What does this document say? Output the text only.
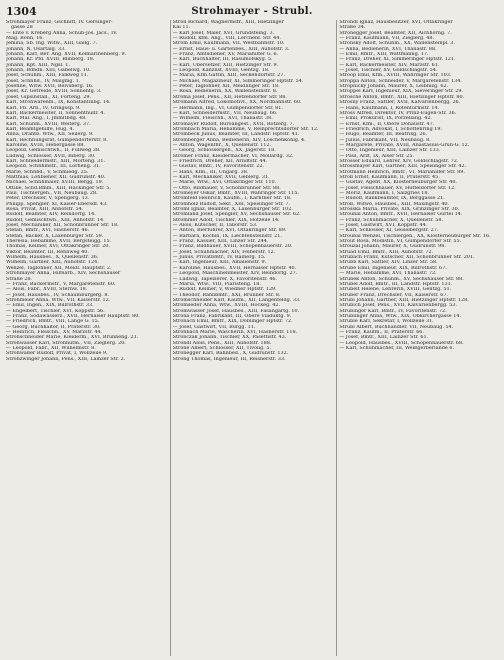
1304	Strohmayer - Strubl.
Strohmayer Franz, Gschnitt, IV. Gersinger-
gasse 28
— Ente v. Kreberg Anna, Schuh-Jos. Jacs., IV.
Mag. Bonn, 16.
Jemina, Sb. Ing. Witw., XIII, Gallg. 7.
Johann, N. Osartalg. 33.
Johann, Karl, Ber. Ang. XVII, Kolmarinenberg. 9.
Johann, Kr. Pfd. XVIII, Blinberg. 18.
Johann, Kpt. XIII, Ngsl. 1.
Johann, Bdndn. XIII, Gabelwg. 10.
Josef, Schuhm., XIII, Falkweg 11.
Josef, Schnhd., IV, Maigmg. 1.
Josefine, Witw. XVII, Belvsberg. 16.
Josef, Kr. Getreide, XVIII, Sonnenfg. 3.
Josef, Gipsinstall., XI, Forteng. 29.
Karl, Strohwarenm., IX, Konstantinbg. 14.
Karl, Fb. Arb., IV, Gringssp. 9.
Karl, Bäckermeister, II, Sonnenthüllr. 4.
Karl, Mal. Ang., I, Jmmltbdg. 48.
Karl, Schuhm., XVIII, Weiterg. 37.
Karl, Beamtgehilfe, Hug. 4.
Anna, Drahtb. Wtw., XII, Seilerg. 9.
Karl, Rechnungsrat, Gumpendorferstr. 8.
Karoline, XVIII, Hebergasse 88.
Leopold, Gemischtwh., II, Fullweg 38.
Ludwig, Schlosser, XVII, Biberg. 30.
Karl, Schneidermstr., XIII, Mörteng. 31.
Leopold, Schnhmstr., III, Lorheng. 31.
Marie, Schnbd., V, Schmiedg. 25.
Matthias, Lohbiener, XII, Gudrunstr. 40.
Michael, Schnhmaier, XVIII, Bergg. 19.
Ottilie, Schd.Bmm., XIII, Hackinger Str. 5.
Paul, Tischlergeh., VII, Neubaug. 28.
Peter, Drechsler, V, Spengerg. 13.
Philipp, Spengler, XI, Kaiser-Ebersdf. 43.
Rosa, Privat, XIII, Anhofstr. 54.
Rudolf, Beamter, XIV, Reindorfg. 14.
Rudolf, Gemischtwh., XIII, Anhofstr. 14.
Josef, Mechaniker, XII, Schönbrunner Str. 18.
Stefan, Bmtr., XVI, Hasnerstr. 46.
Stefan, Bäcker, X, Laxenburger Str. 59.
Theresia, Hebamme, XVII, Bergsteigg. 15.
Thomas, Kellner, XVI, Ottakringer Str. 20.
Viktor, Beamter, III, Rennweg 40.
Wilhelm, Hausbes., X, Quellenstr. 36.
Wilhelm, Gärtner, XIII, Auhofstr. 124.
Wenzel, Taglöhner, XII, Meidl. Hauptstr. 2.
Strohmayer Anna, Hilfsarb., XIV, Sechshauser
Straße 28.
— Franz, Bäckermstr., V, Margaretenstr. 60.
— Alois, Fabr., XVIII, Sternw. 18.
— Josef, Hausbes., IV, Schaumburgerg. 8.
Strohmeier Anna, Wtw., VII, Kaiserstr. 12.
— Emil, Ingen., XIX, Billrothstr. 33.
— Engelbert, Tischler, XVI, Koppstr. 56.
— Franz, Sodawasserz., XVII, Hernalser Hauptstr. 80.
— Friedrich, Bmtr., VIII, Lange G. 15.
— Georg, Buchhalter, II, Praterstr. 30.
— Heinrich, Fleischh., XV, Märzstr. 44.
Strohschneider Marie, Kleiderm., XVI, Brunneng. 21.
Strohwasser Karl, Strohhutm., VII, Zieglerg. 20.
— Leopold, Fabr., XII, Wilhelmstr. 8.
Strohwaßer Rudolf, Privat, I, Wollzeile 9.
Strohzwinger Johann, Pens., XIII, Lainzer Str. 2.
Stroll Richard, Wagnermstr., XIII, Hietzinger
Kai 11.
— Karl Josef, Maler, XVI, Grundsteing. 3.
— Rudolf, kfm. Ang., VIII, Lerchenf. Str. 44.
Strom Emil, Kaufmann, VII, Westbahnstr. 10.
— Ernst, Haus- u. Gartenbes., XIII, Auhofstr. 3.
— Franz, Amtsdiener, XV, Mariahilfer G. 6.
— Karl, Buchhalter, III, Rasumofskyg. 5.
— Karl, Übersetzer, XIII, Hietzinger Str. 9.
— Leopold, Kanzlist, XVIII, Gentzg. 18.
— Maria, Kfm.Gattin, XIII, Seckendorfstr. 27.
— Michael, Magazineur, XI, Simmeringer Hptstr. 54.
— Peter, Taglöhner, XII, Meidlinger Str. 18.
— Rosa, Bedienerin, XX, Wallensteinstr. 8.
Stroma Josef, Pens., XII, Hetzendorfer Str. 88.
Stromann Alfred, Lokomotivf., XX, Nordbahnstr. 60.
— Hermann, Ing., VI, Gumpendorfer Str. 81.
— Karl, Schneidermstr., VII, Neubaug. 66.
— Wilhelm, Fleischh., XVI, Thaliastr. 38.
Stromayer Rudolf, Büroangest., XVII, Rötzerg. 7.
Strombach Maria, Hebamme, V, Reinprechtsdorfer Str. 12.
Strombeck Julius, Beamter, III, Landstr. Hptstr. 41.
Stromberger Anna, Bedienerin, XIV, Löschenkohlg. 4.
— Anton, Wagenfhr., X, Quellenstr. 112.
— Georg, Schlossergeh., XX, Jägerstr. 18.
Stromer Franz, Kleidermacher, VI, Mollardg. 32.
— Friedrich, Dreher, XII, Arndtstr. 44.
— Gustav, Bmtr., IV, Favoritenstr. 22.
— Hans, Kfm., III, Ungarg. 38.
— Karl, Mechaniker, XVII, Geblerg. 31.
— Marie, Wtw., XVI, Ottakringer Str. 110.
— Otto, Bildhauer, V, Schönbrunner Str. 88.
Stromeyer Oskar, Bmtr., XVIII, Währinger Str. 115.
Stromfeld Heinrich, Kaufm., I, Kärntner Str. 18.
Stromholz Rudolf, Sekr., XIII, Speisinger Str. 7.
Stroml Ignaz, Beamter, X, Laxenburger Str. 102.
Stromland Josef, Spengler, XV, Sechshauser Str. 62.
Strommer Adolf, Tischler, XIX, Hofzeile 14.
— Alois, Kutscher, II, Taborstr. 53.
— Anton, Bierführer, XVI, Ottakringer Str. 89.
— Barbara, Köchin, IX, Liechtensteinstr. 21.
— Franz, Kassier, XIII, Linzer Str. 244.
— Franz, Bildhauer, XVIII, Schopenhauerstr. 20.
— Josef, Schuhmacher, XIV, Felberstr. 12.
— Julius, Privatbmtr., IV, Rainerg. 15.
— Karl, Ingenieur, XIII, Amalienstr. 9.
— Karoline, Hausbes., XVII, Hernalser Hptstr. 40.
— Leopold, Maschinenmeister, XIV, Reindorfg. 27.
— Ludwig, Tapezierer, X, Favoritenstr. 46.
— Maria, Wtw., VIII, Piaristeng. 18.
— Rudolf, Kellner, V, Wiedner Hptstr. 129.
— Theodor, Bahnbmtr., XXI, Brünner Str. 8.
Stromschneider Karl, Kaufm., XII, Längenfeldg. 33.
Stromseder Anna, Wtw., XVIII, Hockeg. 42.
Stromwasser Josef, Hausbes., XIII, Fasangartg. 10.
Strona Franz, Fabrikant, III, Obere Viaduktg. 9.
Stronach Emil, Bmtr., XIX, Döblinger Hptstr. 72.
— Josef, Gastwirt, VII, Burgg. 11.
Stronbach Marie, Wäscherin, XVI, Hasnerstr. 118.
Stronczak Johann, Tischler, XX, Pasettistr. 43.
Strondl Alois, Pens., XIII, Auhofstr. 188.
Strone Albert, Schlosser, XII, Tivolig. 5.
Stronegger Karl, Bahnbed., X, Gudrunstr. 132.
Strong Thomas, Ingenieur, III, Reisnerstr. 33.
Strondl Ignaz, Hausbesitzer, XVI, Ottakringer
Straße 34.
Stronegger Josef, Beamter, XII, Aichhorng. 7.
— Franz, Kaufmann, VII, Zieglerg. 48.
Stronsky Adolf, Schuhm., XX, Wallensteinpl. 3.
— Anna, Bedienerin, XVI, Thaliastr. 88.
— Emil, Bmtr., XIII, Wattmanng. 17.
— Franz, Dreher, XI, Simmeringer Hptstr. 121.
— Karl, Bäckermeister, XIV, Märzstr. 61.
— Josef, Tischler, XV, Goldschlagstr. 54.
Stroop Emil, Kfm., XVIII, Währinger Str. 103.
Stroppa Anton, Schneider, V, Margaretenstr. 134.
Stropnický Johann, Maurer, X, Leibnizg. 62.
Stroppel Karl, Ingenieur, XIX, Sieveringer Str. 29.
Strosche Anton, Bmtr., XIII, Hietzinger Hptstr. 80.
Strosny Franz, Sattler, XVII, Kalvarienbergg. 26.
— Hans, Kaufmann, I, Rotenturmstr. 14.
Stross Alfred, Direktor, IV, Prinz-Eugen-Str. 36.
— Emil, Prokurist, IX, Porzellang. 42.
— Ernst, Kfm., II, Obere Donaustr. 47.
— Friedrich, Advokat, I, Schottenring 19.
— Hugo, Beamter, III, Beatrixg. 26.
— Julius, Fabrikant, VII, Neubaug. 8.
— Margarete, Private, XVIII, Anastasius-Grün-G. 12.
— Otto, Ingenieur, XIII, Lainzer Str. 133.
— Paul, Arzt, IX, Alser Str. 25.
Strosser Eduard, Lehrer, XIV, Goldschlagstr. 72.
Strossmayer Karl, Gärtner, XIII, Speisinger Str. 42.
Strotmann Heinrich, Bmtr., VI, Mariahilfer Str. 89.
Stroß Ernst, Kaufmann, II, Praterstr. 45.
— Gustav, Agent, XX, Klosterneuburger Str. 40.
— Josef, Fleischhauer, XV, Hütteldorfer Str. 12.
— Moriz, Kaufmann, I, Salzgries 18.
— Rudolf, Bankbeamter, IX, Berggasse 21.
Stroß, Witwe, Hausbes., XIII, Maxingstr. 40.
Strosska Maria, Private, XIX, Grinzinger Str. 30.
Strouhal Anton, Bmtr., XVII, Hernalser Gürtel 14.
— Franz, Schuhmacher, X, Quellenstr. 58.
— Josef, Gastwirt, XVI, Koppstr. 44.
— Karl, Schlosser, XI, Geiselbergstr. 27.
Stroubal Wenzel, Tischlergeh., XX, Klosterneuburger Str. 16.
Strout Rosa, Modistin, VI, Gumpendorfer Str. 55.
Stroužal Johann, Maurer, X, Gudrunstr. 98.
Struad Emil, Bmtr., XIII, Auhofstr. 72.
Strubach Franz, Kutscher, XII, Schönbrunner Str. 201.
Strubb Karl, Sattler, XIV, Linzer Str. 58.
Strube Emil, Ingenieur, XIX, Billrothstr. 67.
— Marie, Hebamme, XVI, Thaliastr. 72.
Strubek Anton, Schuhm., XV, Sechshauser Str. 88.
Strubel Adolf, Bmtr., III, Landstr. Hptstr. 131.
Strubelt Helene, Lehrerin, XVIII, Gentzg. 51.
Strüber Franz, Drechsler, VII, Kaiserstr. 67.
Strubi Johann, Gärtner, XIII, Hietzinger Hptstr. 128.
Strubich Josef, Pens., XVII, Kalvarienbergg. 53.
Strubinger Karl, Bmtr., IV, Favoritenstr. 72.
Strublinger Anna, Wtw., XIX, Obkirchergasse 14.
Struble Karl, Sekretär, I, Wollzeile 31.
Strubl Albert, Buchhändler, VII, Neubaug. 54.
— Franz, Kaufm., II, Praterstr. 66.
— Josef, Bmtr., XIII, Lainzer Str. 61.
— Leopold, Hausbes., XVIII, Schopenhauerstr. 68.
— Karl, Schuhmacher, III, Weißgerberlände 6.
